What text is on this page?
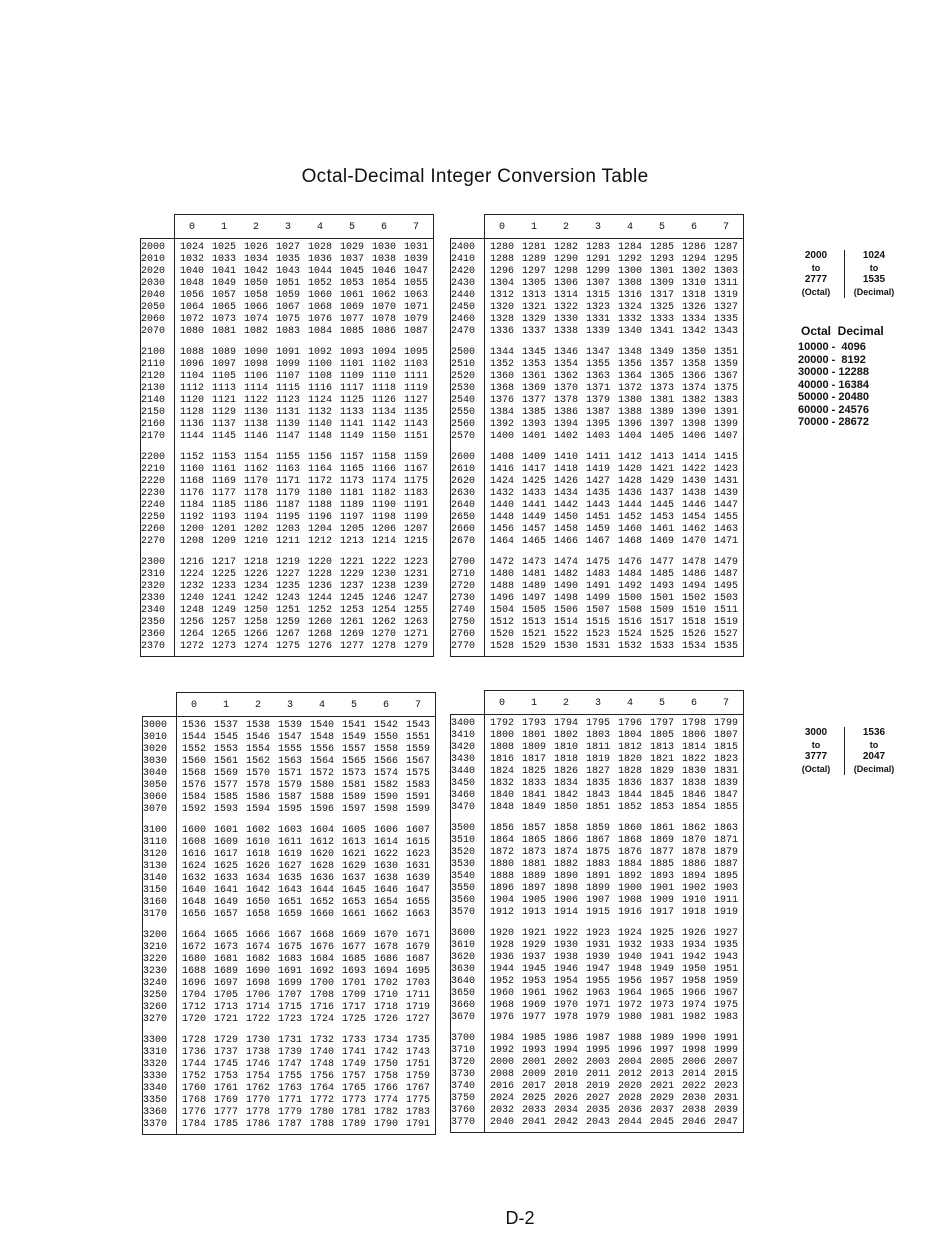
Octal-Decimal Integer Conversion Table
0	1	2	3	4	5	6	7
2000	1024 1025 1026 1027 1028 1029 1030 1031
2010	1032 1033 1034 1035 1036 1037 1038 1039
2020	1040 1041 1042 1043 1044 1045 1046 1047
2030	1048 1049 1050 1051 1052 1053 1054 1055
2040	1056 1057 1058 1059 1060 1061 1062 1063
2050	1064 1065 1066 1067 1068 1069 1070 1071
2060	1072 1073 1074 1075 1076 1077 1078 1079
2070	1080 1081 1082 1083 1084 1085 1086 1087
2100	1088 1089 1090 1091 1092 1093 1094 1095
2110	1096 1097 1098 1099 1100 1101 1102 1103
2120	1104 1105 1106 1107 1108 1109 1110 1111
2130	1112 1113 1114 1115 1116 1117 1118 1119
2140	1120 1121 1122 1123 1124 1125 1126 1127
2150	1128 1129 1130 1131 1132 1133 1134 1135
2160	1136 1137 1138 1139 1140 1141 1142 1143
2170	1144 1145 1146 1147 1148 1149 1150 1151
2200	1152 1153 1154 1155 1156 1157 1158 1159
2210	1160 1161 1162 1163 1164 1165 1166 1167
2220	1168 1169 1170 1171 1172 1173 1174 1175
2230	1176 1177 1178 1179 1180 1181 1182 1183
2240	1184 1185 1186 1187 1188 1189 1190 1191
2250	1192 1193 1194 1195 1196 1197 1198 1199
2260	1200 1201 1202 1203 1204 1205 1206 1207
2270	1208 1209 1210 1211 1212 1213 1214 1215
2300	1216 1217 1218 1219 1220 1221 1222 1223
2310	1224 1225 1226 1227 1228 1229 1230 1231
2320	1232 1233 1234 1235 1236 1237 1238 1239
2330	1240 1241 1242 1243 1244 1245 1246 1247
2340	1248 1249 1250 1251 1252 1253 1254 1255
2350	1256 1257 1258 1259 1260 1261 1262 1263
2360	1264 1265 1266 1267 1268 1269 1270 1271
2370	1272 1273 1274 1275 1276 1277 1278 1279
0	1	2	3	4	5	6	7
2400	1280 1281 1282 1283 1284 1285 1286 1287
2410	1288 1289 1290 1291 1292 1293 1294 1295
2420	1296 1297 1298 1299 1300 1301 1302 1303
2430	1304 1305 1306 1307 1308 1309 1310 1311
2440	1312 1313 1314 1315 1316 1317 1318 1319
2450	1320 1321 1322 1323 1324 1325 1326 1327
2460	1328 1329 1330 1331 1332 1333 1334 1335
2470	1336 1337 1338 1339 1340 1341 1342 1343
2500	1344 1345 1346 1347 1348 1349 1350 1351
2510	1352 1353 1354 1355 1356 1357 1358 1359
2520	1360 1361 1362 1363 1364 1365 1366 1367
2530	1368 1369 1370 1371 1372 1373 1374 1375
2540	1376 1377 1378 1379 1380 1381 1382 1383
2550	1384 1385 1386 1387 1388 1389 1390 1391
2560	1392 1393 1394 1395 1396 1397 1398 1399
2570	1400 1401 1402 1403 1404 1405 1406 1407
2600	1408 1409 1410 1411 1412 1413 1414 1415
2610	1416 1417 1418 1419 1420 1421 1422 1423
2620	1424 1425 1426 1427 1428 1429 1430 1431
2630	1432 1433 1434 1435 1436 1437 1438 1439
2640	1440 1441 1442 1443 1444 1445 1446 1447
2650	1448 1449 1450 1451 1452 1453 1454 1455
2660	1456 1457 1458 1459 1460 1461 1462 1463
2670	1464 1465 1466 1467 1468 1469 1470 1471
2700	1472 1473 1474 1475 1476 1477 1478 1479
2710	1480 1481 1482 1483 1484 1485 1486 1487
2720	1488 1489 1490 1491 1492 1493 1494 1495
2730	1496 1497 1498 1499 1500 1501 1502 1503
2740	1504 1505 1506 1507 1508 1509 1510 1511
2750	1512 1513 1514 1515 1516 1517 1518 1519
2760	1520 1521 1522 1523 1524 1525 1526 1527
2770	1528 1529 1530 1531 1532 1533 1534 1535
0	1	2	3	4	5	6	7
3000	1536 1537 1538 1539 1540 1541 1542 1543
3010	1544 1545 1546 1547 1548 1549 1550 1551
3020	1552 1553 1554 1555 1556 1557 1558 1559
3030	1560 1561 1562 1563 1564 1565 1566 1567
3040	1568 1569 1570 1571 1572 1573 1574 1575
3050	1576 1577 1578 1579 1580 1581 1582 1583
3060	1584 1585 1586 1587 1588 1589 1590 1591
3070	1592 1593 1594 1595 1596 1597 1598 1599
3100	1600 1601 1602 1603 1604 1605 1606 1607
3110	1608 1609 1610 1611 1612 1613 1614 1615
3120	1616 1617 1618 1619 1620 1621 1622 1623
3130	1624 1625 1626 1627 1628 1629 1630 1631
3140	1632 1633 1634 1635 1636 1637 1638 1639
3150	1640 1641 1642 1643 1644 1645 1646 1647
3160	1648 1649 1650 1651 1652 1653 1654 1655
3170	1656 1657 1658 1659 1660 1661 1662 1663
3200	1664 1665 1666 1667 1668 1669 1670 1671
3210	1672 1673 1674 1675 1676 1677 1678 1679
3220	1680 1681 1682 1683 1684 1685 1686 1687
3230	1688 1689 1690 1691 1692 1693 1694 1695
3240	1696 1697 1698 1699 1700 1701 1702 1703
3250	1704 1705 1706 1707 1708 1709 1710 1711
3260	1712 1713 1714 1715 1716 1717 1718 1719
3270	1720 1721 1722 1723 1724 1725 1726 1727
3300	1728 1729 1730 1731 1732 1733 1734 1735
3310	1736 1737 1738 1739 1740 1741 1742 1743
3320	1744 1745 1746 1747 1748 1749 1750 1751
3330	1752 1753 1754 1755 1756 1757 1758 1759
3340	1760 1761 1762 1763 1764 1765 1766 1767
3350	1768 1769 1770 1771 1772 1773 1774 1775
3360	1776 1777 1778 1779 1780 1781 1782 1783
3370	1784 1785 1786 1787 1788 1789 1790 1791
0	1	2	3	4	5	6	7
3400	1792 1793 1794 1795 1796 1797 1798 1799
3410	1800 1801 1802 1803 1804 1805 1806 1807
3420	1808 1809 1810 1811 1812 1813 1814 1815
3430	1816 1817 1818 1819 1820 1821 1822 1823
3440	1824 1825 1826 1827 1828 1829 1830 1831
3450	1832 1833 1834 1835 1836 1837 1838 1839
3460	1840 1841 1842 1843 1844 1845 1846 1847
3470	1848 1849 1850 1851 1852 1853 1854 1855
3500	1856 1857 1858 1859 1860 1861 1862 1863
3510	1864 1865 1866 1867 1868 1869 1870 1871
3520	1872 1873 1874 1875 1876 1877 1878 1879
3530	1880 1881 1882 1883 1884 1885 1886 1887
3540	1888 1889 1890 1891 1892 1893 1894 1895
3550	1896 1897 1898 1899 1900 1901 1902 1903
3560	1904 1905 1906 1907 1908 1909 1910 1911
3570	1912 1913 1914 1915 1916 1917 1918 1919
3600	1920 1921 1922 1923 1924 1925 1926 1927
3610	1928 1929 1930 1931 1932 1933 1934 1935
3620	1936 1937 1938 1939 1940 1941 1942 1943
3630	1944 1945 1946 1947 1948 1949 1950 1951
3640	1952 1953 1954 1955 1956 1957 1958 1959
3650	1960 1961 1962 1963 1964 1965 1966 1967
3660	1968 1969 1970 1971 1972 1973 1974 1975
3670	1976 1977 1978 1979 1980 1981 1982 1983
3700	1984 1985 1986 1987 1988 1989 1990 1991
3710	1992 1993 1994 1995 1996 1997 1998 1999
3720	2000 2001 2002 2003 2004 2005 2006 2007
3730	2008 2009 2010 2011 2012 2013 2014 2015
3740	2016 2017 2018 2019 2020 2021 2022 2023
3750	2024 2025 2026 2027 2028 2029 2030 2031
3760	2032 2033 2034 2035 2036 2037 2038 2039
3770	2040 2041 2042 2043 2044 2045 2046 2047
2000
to
2777
(Octal)
1024
to
1535
(Decimal)
Octal  Decimal
10000 -  4096
20000 -  8192
30000 - 12288
40000 - 16384
50000 - 20480
60000 - 24576
70000 - 28672
3000
to
3777
(Octal)
1536
to
2047
(Decimal)
D-2
